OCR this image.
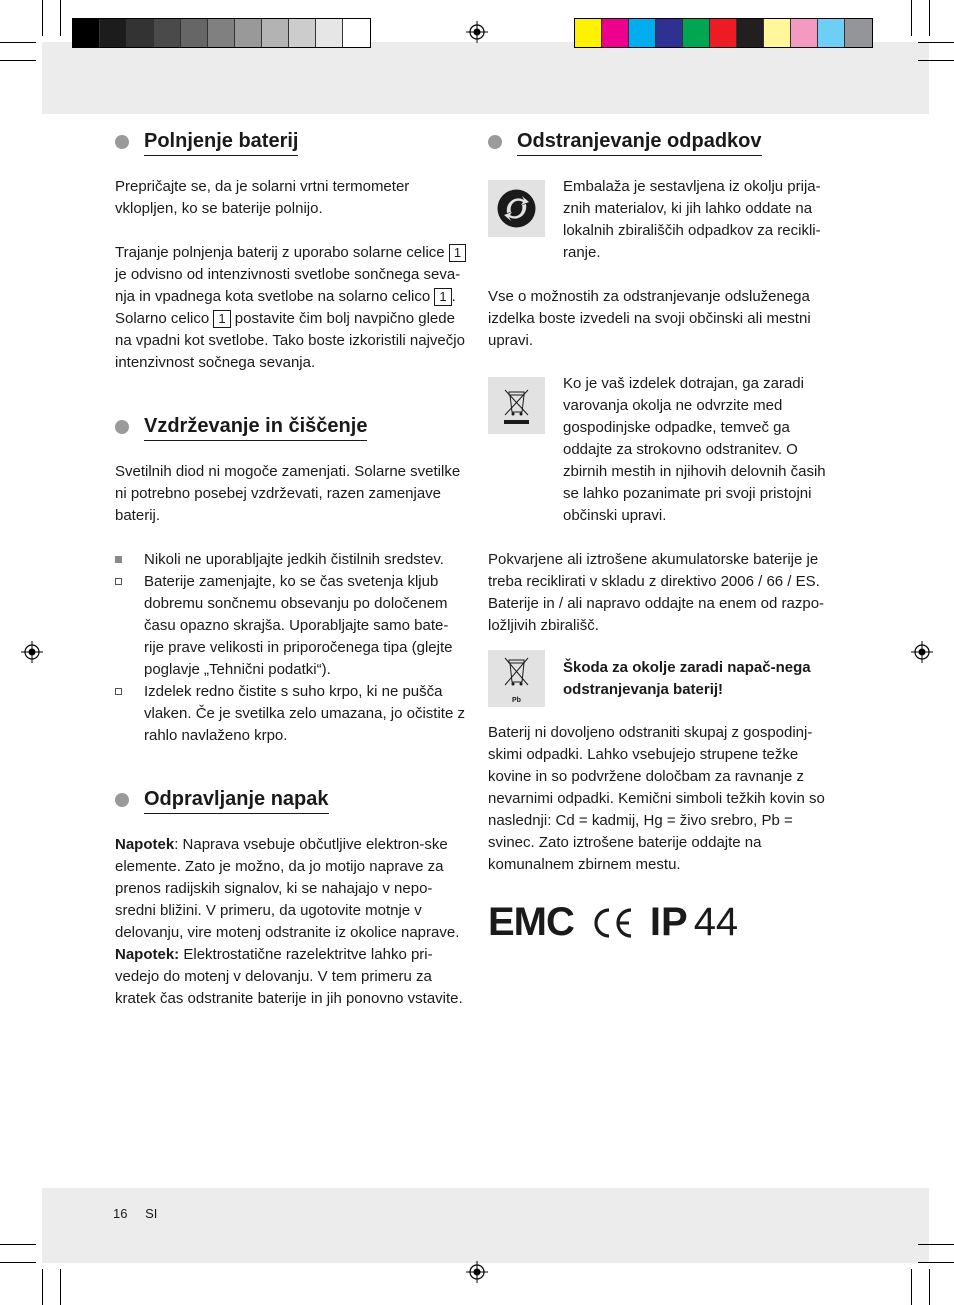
Polnjenje baterij

Prepričajte se, da je solarni vrtni termometer vklopljen, ko se baterije polnijo.

Trajanje polnjenja baterij z uporabo solarne celice 1 je odvisno od intenzivnosti svetlobe sončnega seva-nja in vpadnega kota svetlobe na solarno celico 1 . Solarno celico 1 postavite čim bolj navpično glede na vpadni kot svetlobe. Tako boste izkoristili največjo intenzivnost sočnega sevanja.

Vzdrževanje in čiščenje

Svetilnih diod ni mogoče zamenjati. Solarne svetilke ni potrebno posebej vzdrževati, razen zamenjave baterij.

Nikoli ne uporabljajte jedkih čistilnih sredstev.
Baterije zamenjajte, ko se čas svetenja kljub dobremu sončnemu obsevanju po določenem času opazno skrajša. Uporabljajte samo bate-rije prave velikosti in priporočenega tipa (glejte poglavje „Tehnični podatki“).
Izdelek redno čistite s suho krpo, ki ne pušča vlaken. Če je svetilka zelo umazana, jo očistite z rahlo navlaženo krpo.
Odpravljanje napak

Napotek: Naprava vsebuje občutljive elektron-ske elemente. Zato je možno, da jo motijo naprave za prenos radijskih signalov, ki se nahajajo v nepo-sredni bližini. V primeru, da ugotovite motnje v delovanju, vire motenj odstranite iz okolice naprave. Napotek: Elektrostatične razelektritve lahko pri-vedejo do motenj v delovanju. V tem primeru za kratek čas odstranite baterije in jih ponovno vstavite.

Odstranjevanje odpadkov

Embalaža je sestavljena iz okolju prija-znih materialov, ki jih lahko oddate na lokalnih zbirališčih odpadkov za recikli-ranje.

Vse o možnostih za odstranjevanje odsluženega izdelka boste izvedeli na svoji občinski ali mestni upravi.

Ko je vaš izdelek dotrajan, ga zaradi varovanja okolja ne odvrzite med gospodinjske odpadke, temveč ga oddajte za strokovno odstranitev. O zbirnih mestih in njihovih delovnih časih se lahko pozanimate pri svoji pristojni občinski upravi.

Pokvarjene ali iztrošene akumulatorske baterije je treba reciklirati v skladu z direktivo 2006 / 66 / ES. Baterije in / ali napravo oddajte na enem od razpo-ložljivih zbirališč.

Pb

Škoda za okolje zaradi napač-nega odstranjevanja baterij!

Baterij ni dovoljeno odstraniti skupaj z gospodinj-skimi odpadki. Lahko vsebujejo strupene težke kovine in so podvržene določbam za ravnanje z nevarnimi odpadki. Kemični simboli težkih kovin so naslednji: Cd = kadmij, Hg = živo srebro, Pb = svinec. Zato iztrošene baterije oddajte na komunalnem zbirnem mestu.

EMC IP 44
16 SI
